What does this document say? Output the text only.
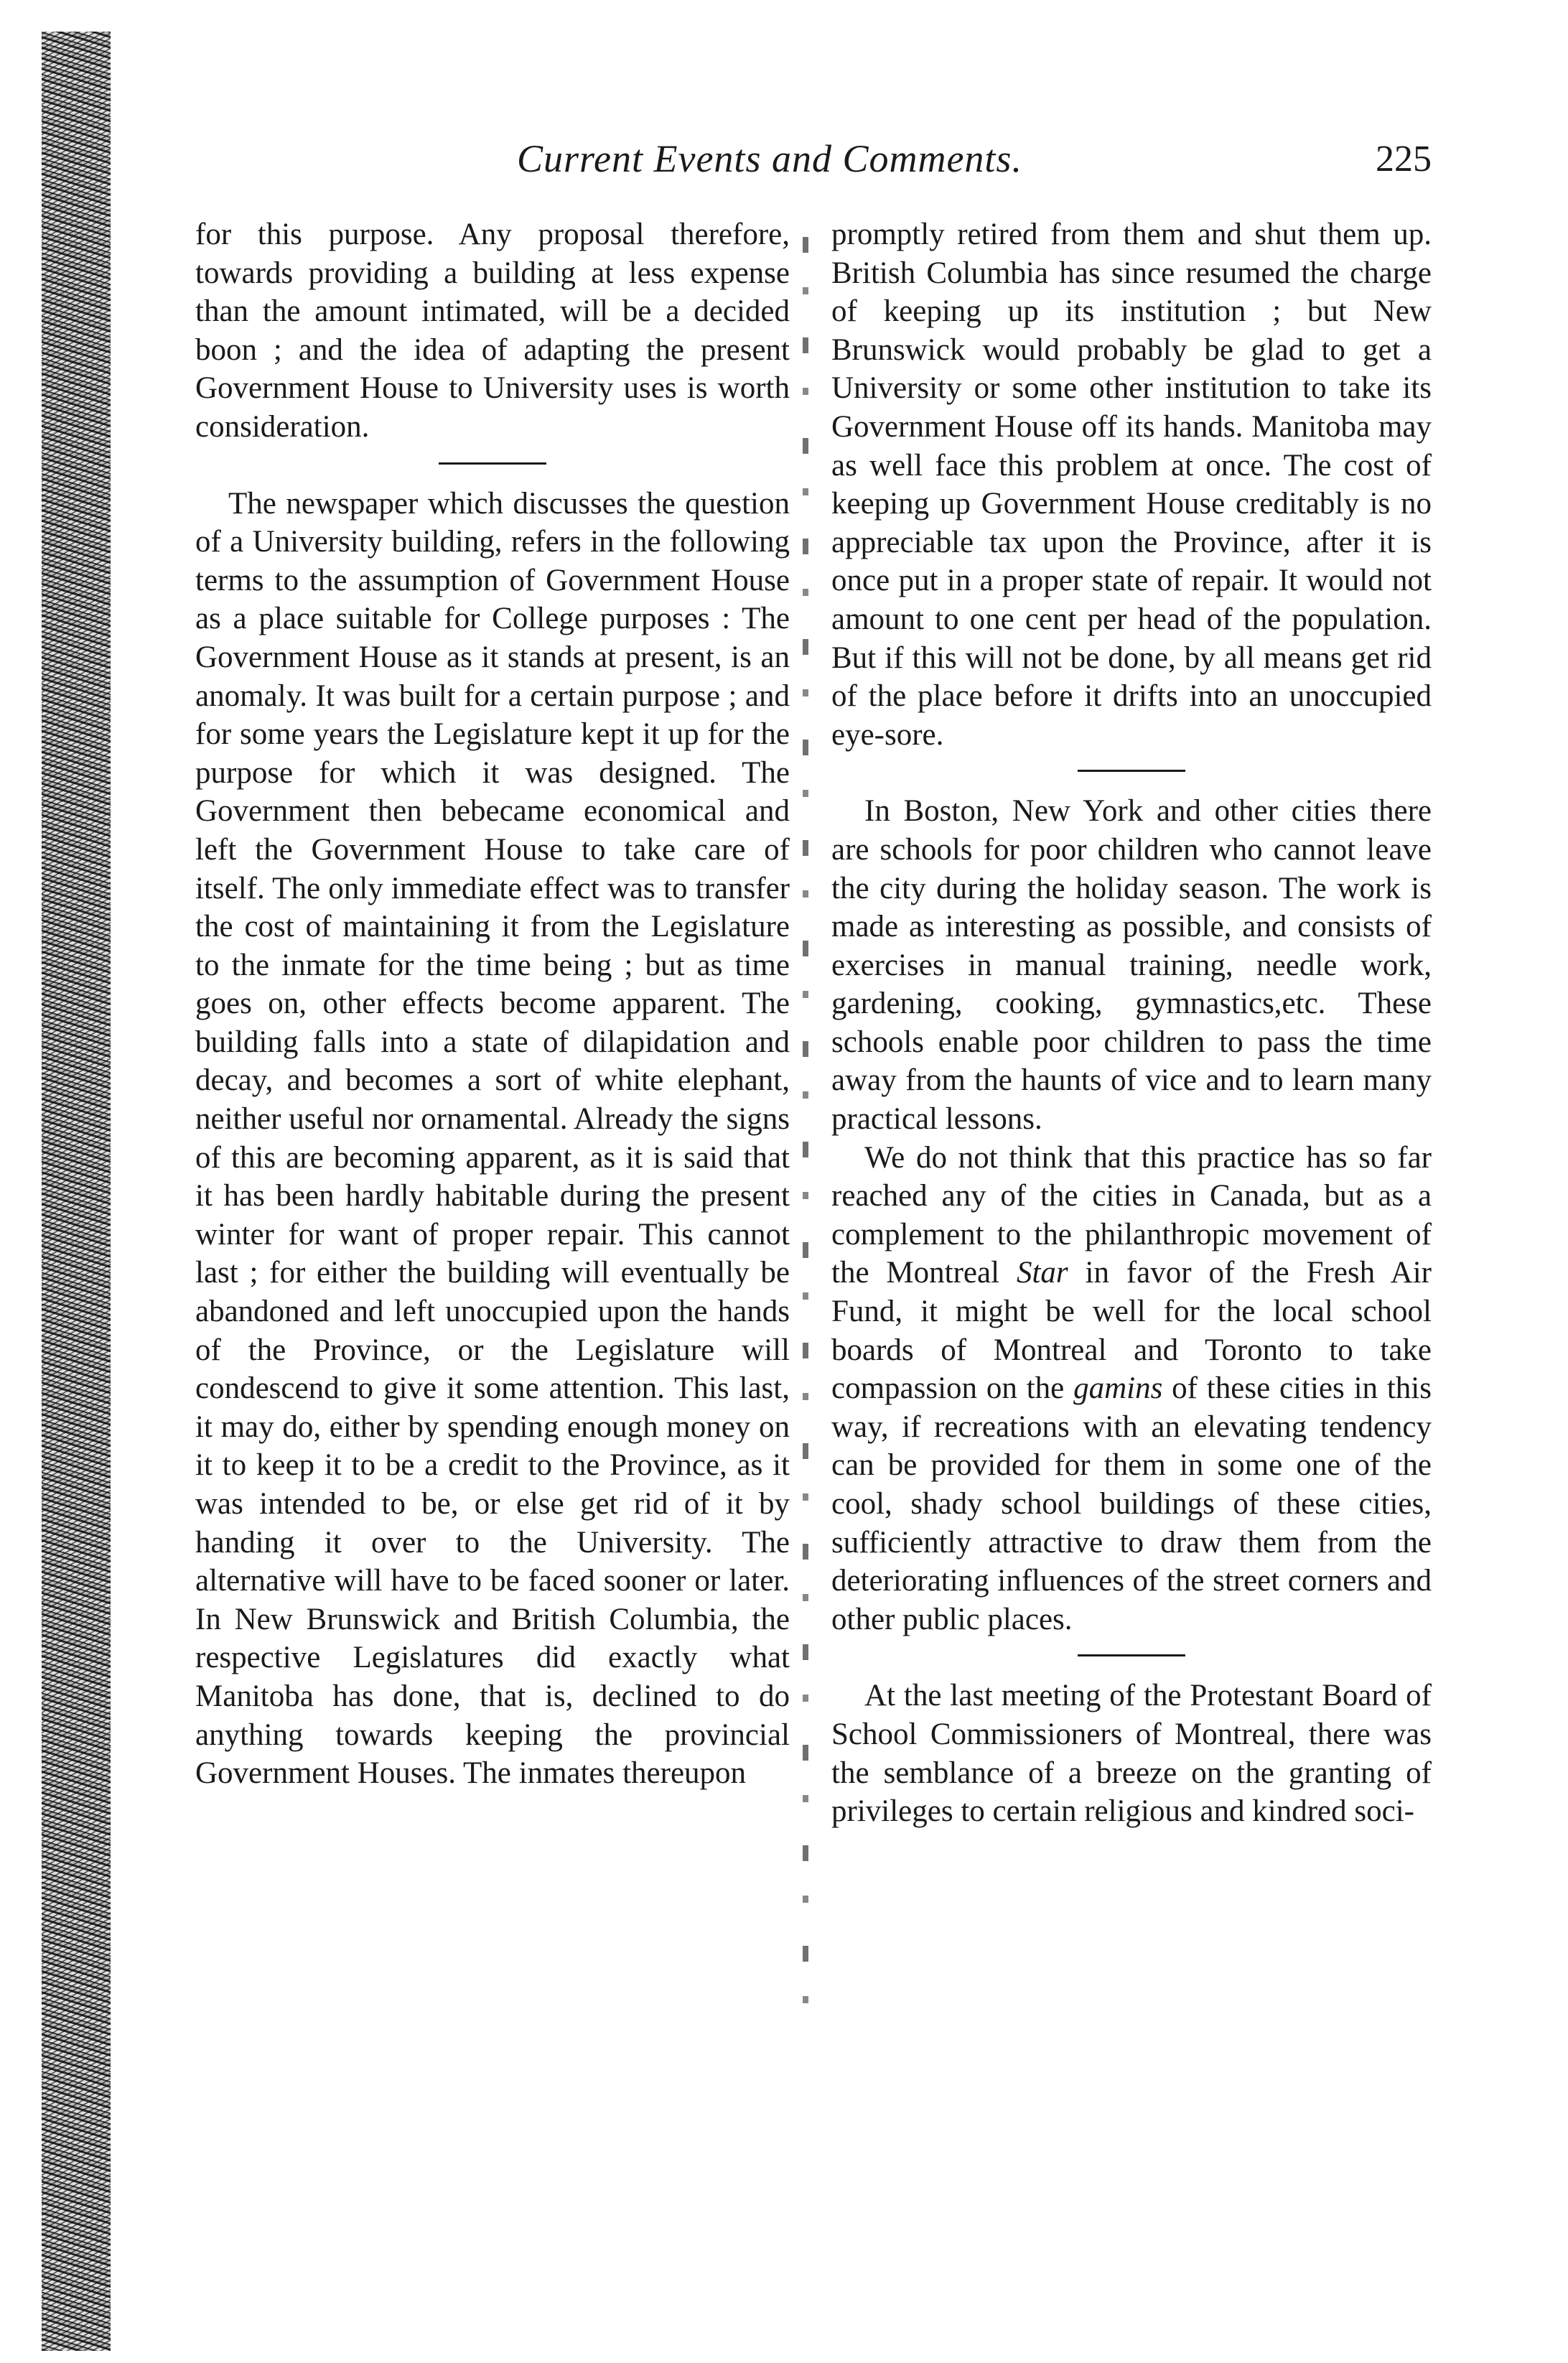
Current Events and Comments.	225

for this purpose. Any proposal therefore, towards providing a building at less expense than the amount intimated, will be a decided boon ; and the idea of adapting the present Government House to University uses is worth consideration.

The newspaper which discusses the question of a University building, refers in the following terms to the assumption of Government House as a place suitable for College purposes : The Government House as it stands at present, is an anomaly. It was built for a certain purpose ; and for some years the Legislature kept it up for the purpose for which it was designed. The Government then bebecame economical and left the Government House to take care of itself. The only immediate effect was to transfer the cost of maintaining it from the Legislature to the inmate for the time being ; but as time goes on, other effects become apparent. The building falls into a state of dilapidation and decay, and becomes a sort of white elephant, neither useful nor ornamental. Already the signs of this are becoming apparent, as it is said that it has been hardly habitable during the present winter for want of proper repair. This cannot last ; for either the building will eventually be abandoned and left unoccupied upon the hands of the Province, or the Legislature will condescend to give it some attention. This last, it may do, either by spending enough money on it to keep it to be a credit to the Province, as it was intended to be, or else get rid of it by handing it over to the University. The alternative will have to be faced sooner or later. In New Brunswick and British Columbia, the respective Legislatures did exactly what Manitoba has done, that is, declined to do anything towards keeping the provincial Government Houses. The inmates thereupon

promptly retired from them and shut them up. British Columbia has since resumed the charge of keeping up its institution ; but New Brunswick would probably be glad to get a University or some other institution to take its Government House off its hands. Manitoba may as well face this problem at once. The cost of keeping up Government House creditably is no appreciable tax upon the Province, after it is once put in a proper state of repair. It would not amount to one cent per head of the population. But if this will not be done, by all means get rid of the place before it drifts into an unoccupied eye-sore.

In Boston, New York and other cities there are schools for poor children who cannot leave the city during the holiday season. The work is made as interesting as possible, and consists of exercises in manual training, needle work, gardening, cooking, gymnastics,etc. These schools enable poor children to pass the time away from the haunts of vice and to learn many practical lessons.

We do not think that this practice has so far reached any of the cities in Canada, but as a complement to the philanthropic movement of the Montreal Star in favor of the Fresh Air Fund, it might be well for the local school boards of Montreal and Toronto to take compassion on the gamins of these cities in this way, if recreations with an elevating tendency can be provided for them in some one of the cool, shady school buildings of these cities, sufficiently attractive to draw them from the deteriorating influences of the street corners and other public places.

At the last meeting of the Protestant Board of School Commissioners of Montreal, there was the semblance of a breeze on the granting of privileges to certain religious and kindred soci-
